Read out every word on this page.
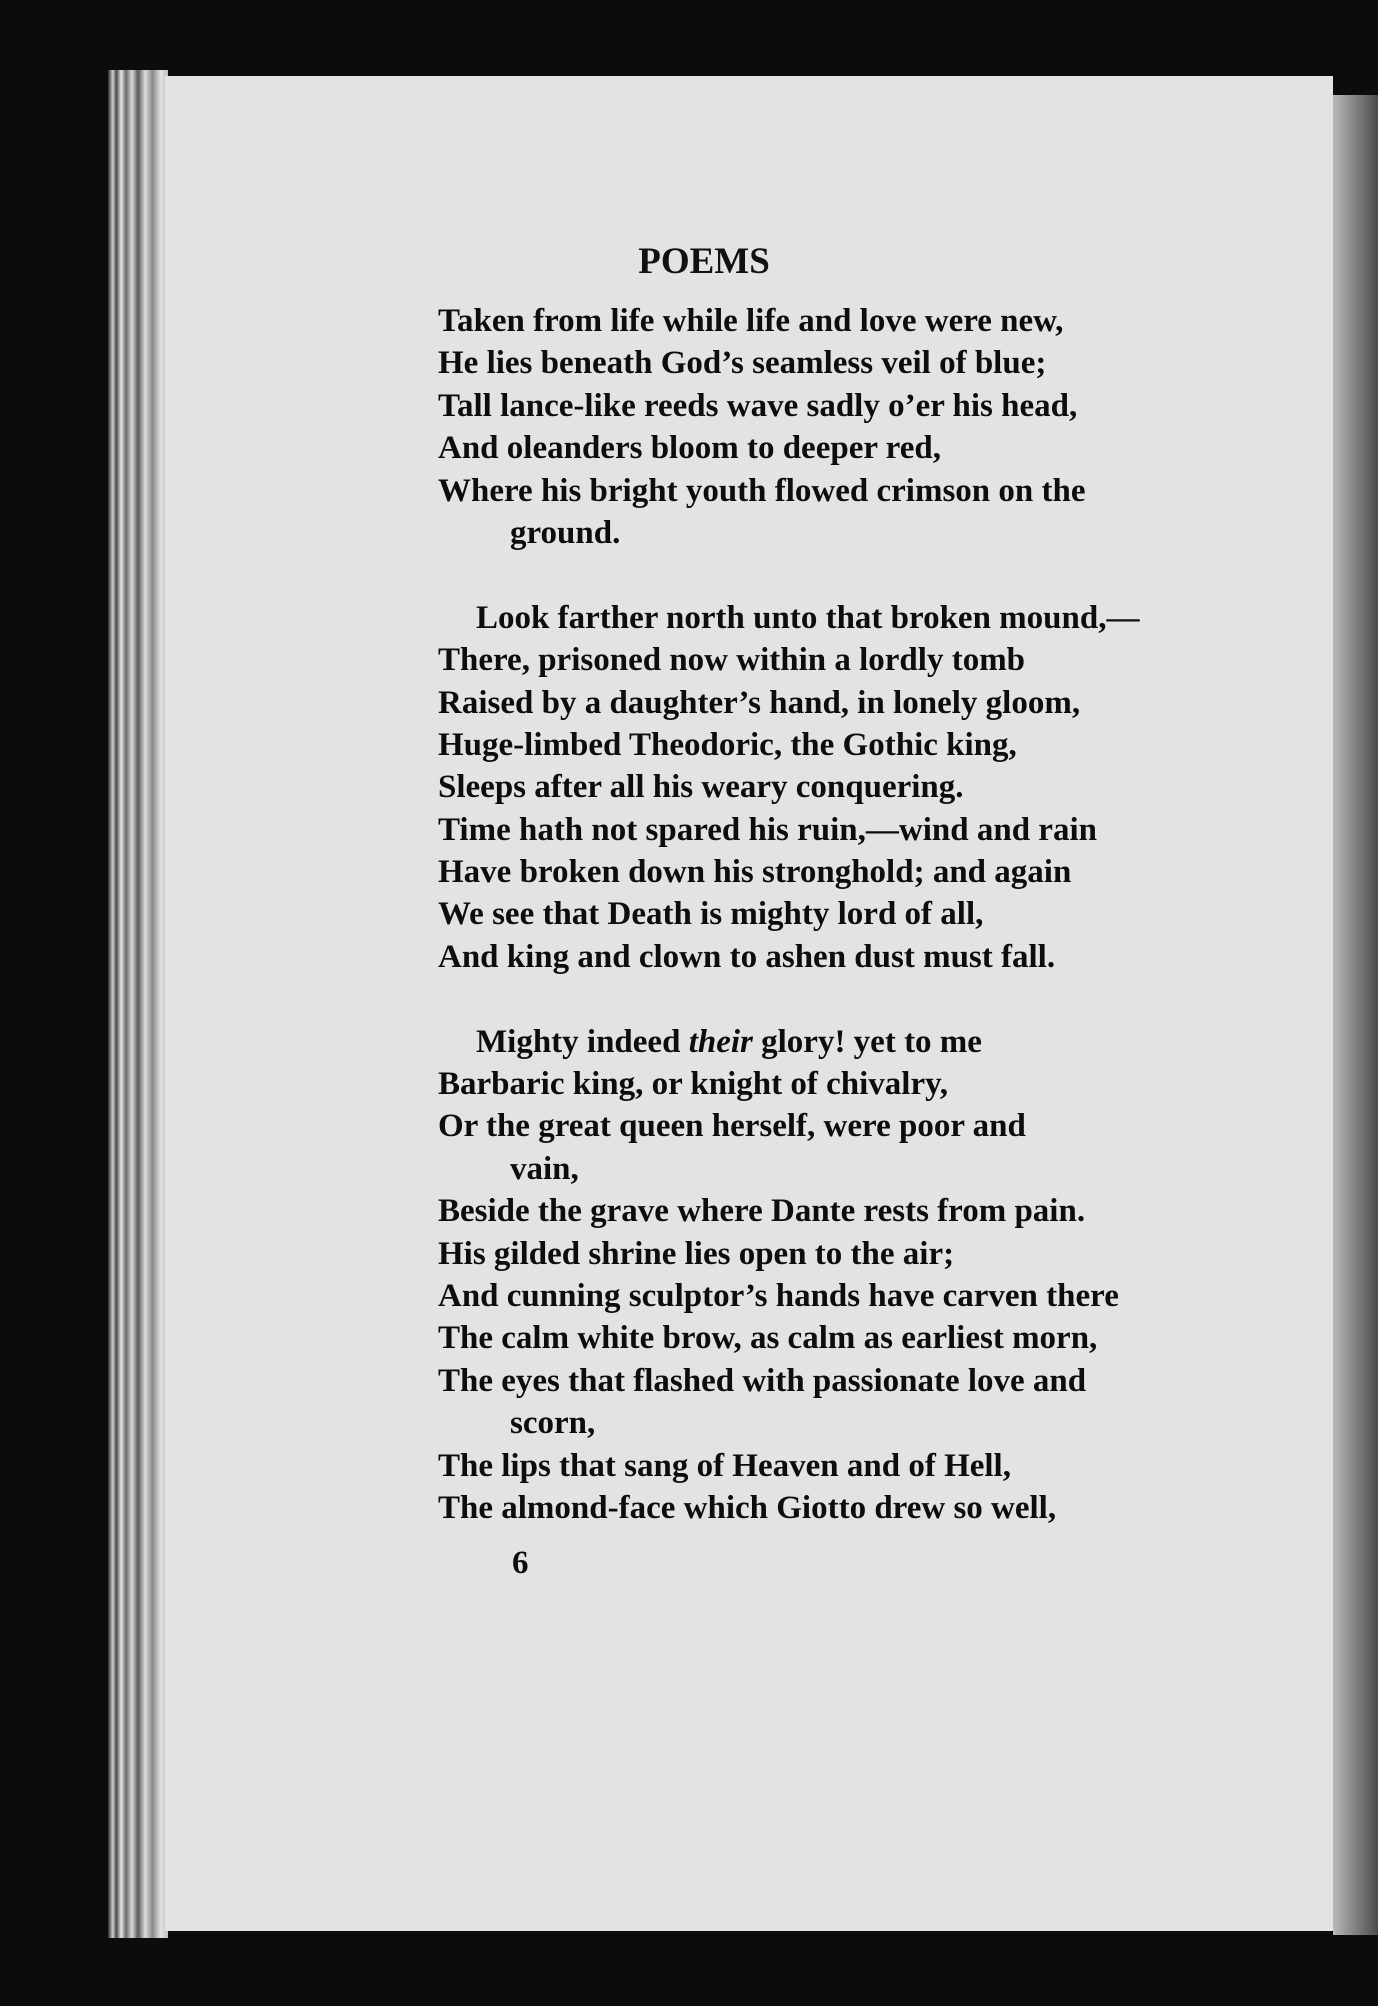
POEMS
Taken from life while life and love were new,
He lies beneath God’s seamless veil of blue;
Tall lance-like reeds wave sadly o’er his head,
And oleanders bloom to deeper red,
Where his bright youth flowed crimson on the
ground.
Look farther north unto that broken mound,—
There, prisoned now within a lordly tomb
Raised by a daughter’s hand, in lonely gloom,
Huge-limbed Theodoric, the Gothic king,
Sleeps after all his weary conquering.
Time hath not spared his ruin,—wind and rain
Have broken down his stronghold; and again
We see that Death is mighty lord of all,
And king and clown to ashen dust must fall.
Mighty indeed their glory! yet to me
Barbaric king, or knight of chivalry,
Or the great queen herself, were poor and
vain,
Beside the grave where Dante rests from pain.
His gilded shrine lies open to the air;
And cunning sculptor’s hands have carven there
The calm white brow, as calm as earliest morn,
The eyes that flashed with passionate love and
scorn,
The lips that sang of Heaven and of Hell,
The almond-face which Giotto drew so well,
6
